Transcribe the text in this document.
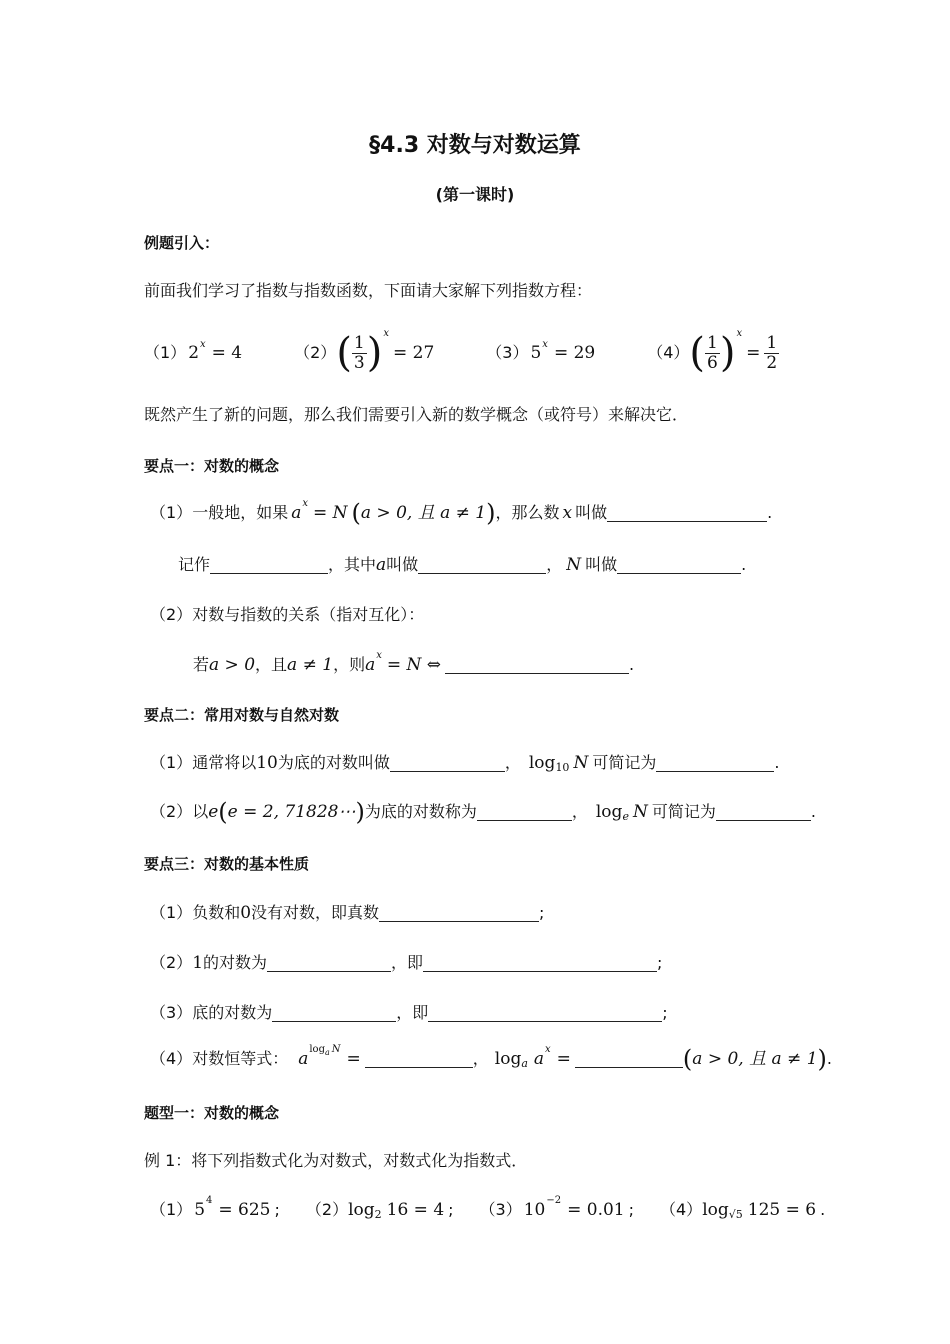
§4.3 对数与对数运算
(第一课时)
例题引入：
前面我们学习了指数与指数函数，下面请大家解下列指数方程：
（1） 2 x = 4	（2） ( $\frac{1}{3}$ ) x
= 27	（3） 5 x = 29	（4） ( $\frac{1}{6}$ ) x
= $\frac{1}{2}$
既然产生了新的问题，那么我们需要引入新的数学概念（或符号）来解决它．
要点一：对数的概念
（1） 一般地，如果 a x = N ( a > 0, 且 a ≠ 1 ) ，那么数 x 叫做	.
记作	，其中 a 叫做	， N 叫做	.
（2） 对数与指数的关系（指对互化）：
若 a > 0 ，且 a ≠ 1 ，则 a x = N ⇔	.
要点二：常用对数与自然对数
（1） 通常将以 10 为底的对数叫做	， log 10 N 可简记为	.
（2） 以 e ( e = 2, 71828⋯ ) 为底的对数称为	， log e N 可简记为	.
要点三：对数的基本性质
（1） 负数和 0 没有对数，即真数	;
（2） 1 的对数为	，即	;
（3） 底的对数为	，即	;
（4） 对数恒等式： a log a N =	， log a a x =	( a > 0, 且 a ≠ 1 ) .
题型一：对数的概念
例 1：将下列指数式化为对数式，对数式化为指数式．
（1） 5 4 = 625 ; （2） log 2 16 = 4 ; （3） 10 −2 = 0.01 ; （4） log √5 125 = 6 .
